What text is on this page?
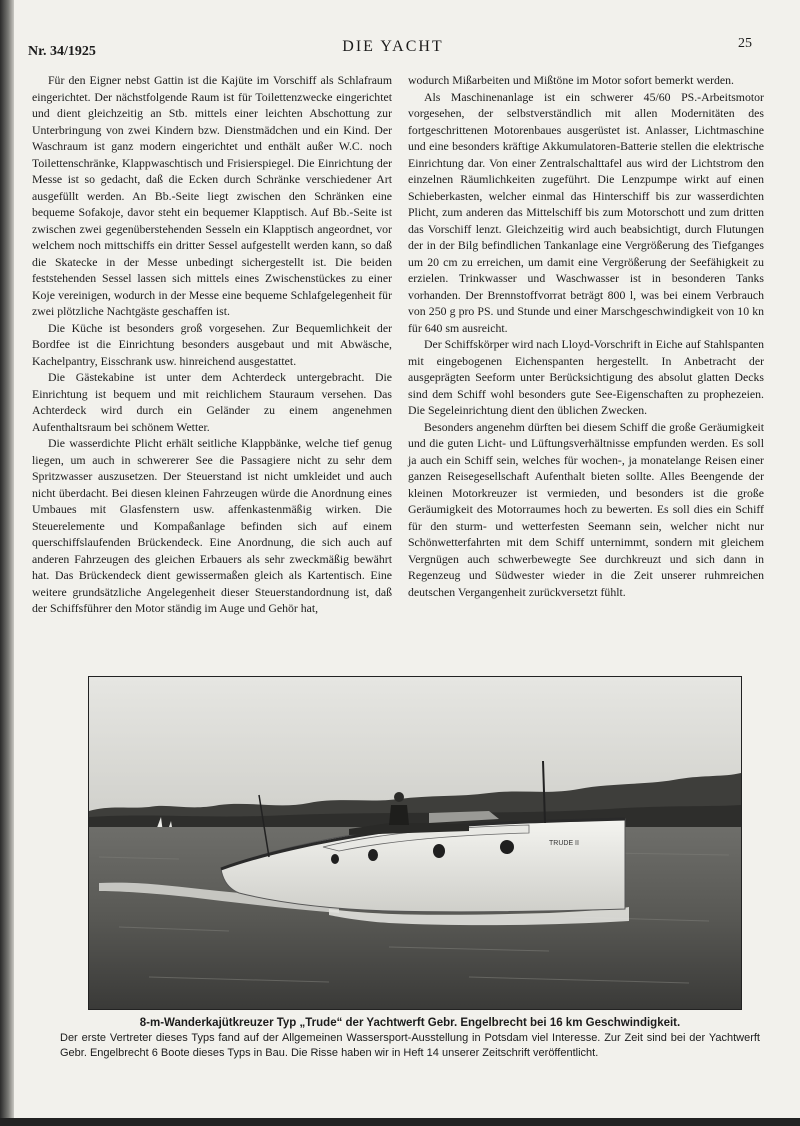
Nr. 34/1925	DIE YACHT	25

Für den Eigner nebst Gattin ist die Kajüte im Vorschiff als Schlafraum eingerichtet. Der nächstfolgende Raum ist für Toilettenzwecke eingerichtet und dient gleichzeitig an Stb. mittels einer leichten Abschottung zur Unterbringung von zwei Kindern bzw. Dienstmädchen und ein Kind. Der Waschraum ist ganz modern eingerichtet und enthält außer W.C. noch Toilettenschränke, Klappwaschtisch und Frisierspiegel. Die Einrichtung der Messe ist so gedacht, daß die Ecken durch Schränke verschiedener Art ausgefüllt werden. An Bb.-Seite liegt zwischen den Schränken eine bequeme Sofakoje, davor steht ein bequemer Klapptisch. Auf Bb.-Seite ist zwischen zwei gegenüberstehenden Sesseln ein Klapptisch angeordnet, vor welchem noch mittschiffs ein dritter Sessel aufgestellt werden kann, so daß die Skatecke in der Messe unbedingt sichergestellt ist. Die beiden feststehenden Sessel lassen sich mittels eines Zwischenstückes zu einer Koje vereinigen, wodurch in der Messe eine bequeme Schlafgelegenheit für zwei plötzliche Nachtgäste geschaffen ist.

Die Küche ist besonders groß vorgesehen. Zur Bequemlichkeit der Bordfee ist die Einrichtung besonders ausgebaut und mit Abwäsche, Kachelpantry, Eisschrank usw. hinreichend ausgestattet.

Die Gästekabine ist unter dem Achterdeck untergebracht. Die Einrichtung ist bequem und mit reichlichem Stauraum versehen. Das Achterdeck wird durch ein Geländer zu einem angenehmen Aufenthaltsraum bei schönem Wetter.

Die wasserdichte Plicht erhält seitliche Klappbänke, welche tief genug liegen, um auch in schwererer See die Passagiere nicht zu sehr dem Spritzwasser auszusetzen. Der Steuerstand ist nicht umkleidet und auch nicht überdacht. Bei diesen kleinen Fahrzeugen würde die Anordnung eines Umbaues mit Glasfenstern usw. affenkastenmäßig wirken. Die Steuerelemente und Kompaßanlage befinden sich auf einem querschiffslaufenden Brückendeck. Eine Anordnung, die sich auch auf anderen Fahrzeugen des gleichen Erbauers als sehr zweckmäßig bewährt hat. Das Brückendeck dient gewissermaßen gleich als Kartentisch. Eine weitere grundsätzliche Angelegenheit dieser Steuerstandordnung ist, daß der Schiffsführer den Motor ständig im Auge und Gehör hat,

wodurch Mißarbeiten und Mißtöne im Motor sofort bemerkt werden.

Als Maschinenanlage ist ein schwerer 45/60 PS.-Arbeitsmotor vorgesehen, der selbstverständlich mit allen Modernitäten des fortgeschrittenen Motorenbaues ausgerüstet ist. Anlasser, Lichtmaschine und eine besonders kräftige Akkumulatoren-Batterie stellen die elektrische Einrichtung dar. Von einer Zentralschalttafel aus wird der Lichtstrom den einzelnen Räumlichkeiten zugeführt. Die Lenzpumpe wirkt auf einen Schieberkasten, welcher einmal das Hinterschiff bis zur wasserdichten Plicht, zum anderen das Mittelschiff bis zum Motorschott und zum dritten das Vorschiff lenzt. Gleichzeitig wird auch beabsichtigt, durch Flutungen der in der Bilg befindlichen Tankanlage eine Vergrößerung des Tiefganges um 20 cm zu erreichen, um damit eine Vergrößerung der Seefähigkeit zu erzielen. Trinkwasser und Waschwasser ist in besonderen Tanks vorhanden. Der Brennstoffvorrat beträgt 800 l, was bei einem Verbrauch von 250 g pro PS. und Stunde und einer Marschgeschwindigkeit von 10 kn für 640 sm ausreicht.

Der Schiffskörper wird nach Lloyd-Vorschrift in Eiche auf Stahlspanten mit eingebogenen Eichenspanten hergestellt. In Anbetracht der ausgeprägten Seeform unter Berücksichtigung des absolut glatten Decks sind dem Schiff wohl besonders gute See-Eigenschaften zu prophezeien. Die Segeleinrichtung dient den üblichen Zwecken.

Besonders angenehm dürften bei diesem Schiff die große Geräumigkeit und die guten Licht- und Lüftungsverhältnisse empfunden werden. Es soll ja auch ein Schiff sein, welches für wochen-, ja monatelange Reisen einer ganzen Reisegesellschaft Aufenthalt bieten sollte. Alles Beengende der kleinen Motorkreuzer ist vermieden, und besonders ist die große Geräumigkeit des Motorraumes hoch zu bewerten. Es soll dies ein Schiff für den sturm- und wetterfesten Seemann sein, welcher nicht nur Schönwetterfahrten mit dem Schiff unternimmt, sondern mit gleichem Vergnügen auch schwerbewegte See durchkreuzt und sich dann in Regenzeug und Südwester wieder in die Zeit unserer ruhmreichen deutschen Vergangenheit zurückversetzt fühlt.

TRUDE II
8-m-Wanderkajütkreuzer Typ „Trude“ der Yachtwerft Gebr. Engelbrecht bei 16 km Geschwindigkeit.
Der erste Vertreter dieses Typs fand auf der Allgemeinen Wassersport-Ausstellung in Potsdam viel Interesse. Zur Zeit sind bei der Yachtwerft Gebr. Engelbrecht 6 Boote dieses Typs in Bau. Die Risse haben wir in Heft 14 unserer Zeitschrift veröffentlicht.
